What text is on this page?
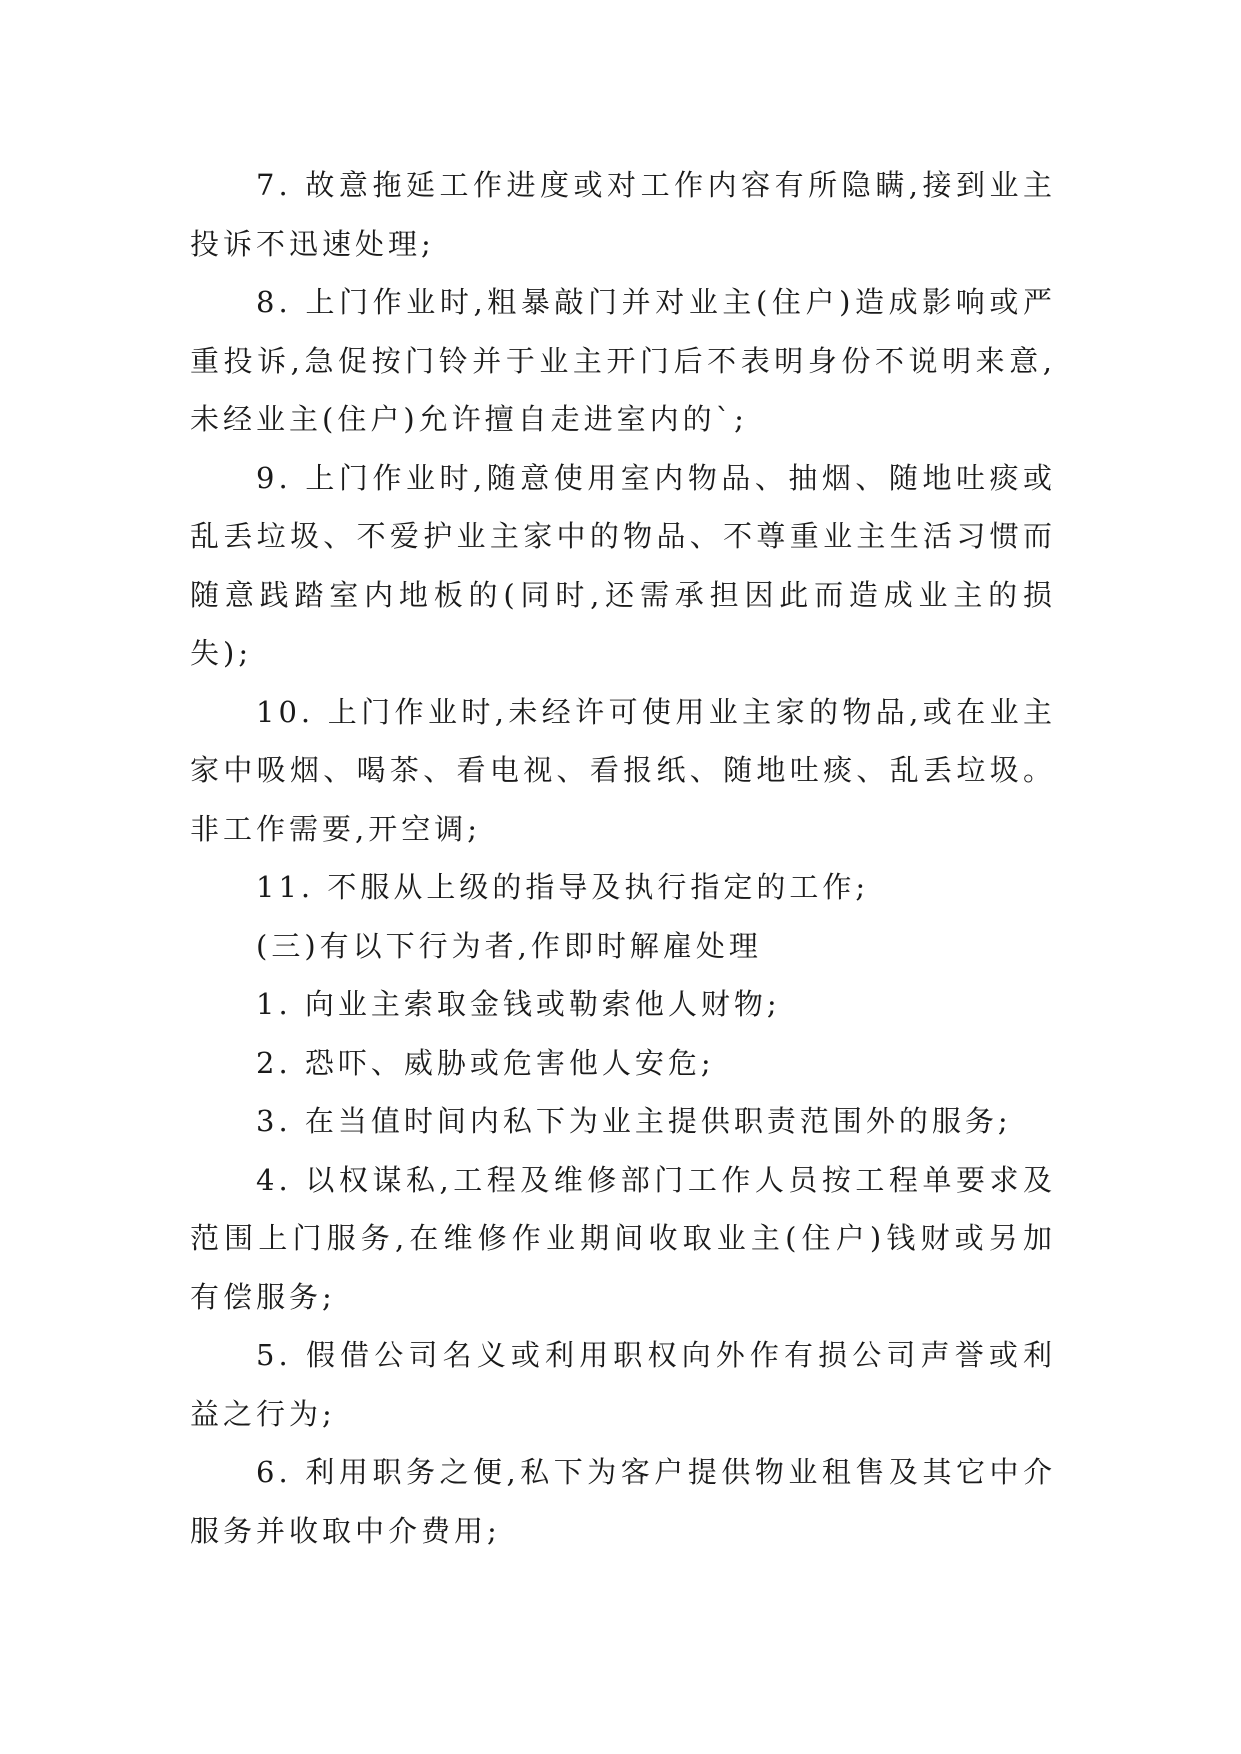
7. 故意拖延工作进度或对工作内容有所隐瞒,接到业主投诉不迅速处理;

8. 上门作业时,粗暴敲门并对业主(住户)造成影响或严重投诉,急促按门铃并于业主开门后不表明身份不说明来意,未经业主(住户)允许擅自走进室内的`;

9. 上门作业时,随意使用室内物品、抽烟、随地吐痰或乱丢垃圾、不爱护业主家中的物品、不尊重业主生活习惯而随意践踏室内地板的(同时,还需承担因此而造成业主的损失);

10. 上门作业时,未经许可使用业主家的物品,或在业主家中吸烟、喝茶、看电视、看报纸、随地吐痰、乱丢垃圾。非工作需要,开空调;

11. 不服从上级的指导及执行指定的工作;

(三)有以下行为者,作即时解雇处理

1. 向业主索取金钱或勒索他人财物;

2. 恐吓、威胁或危害他人安危;

3. 在当值时间内私下为业主提供职责范围外的服务;

4. 以权谋私,工程及维修部门工作人员按工程单要求及范围上门服务,在维修作业期间收取业主(住户)钱财或另加有偿服务;

5. 假借公司名义或利用职权向外作有损公司声誉或利益之行为;

6. 利用职务之便,私下为客户提供物业租售及其它中介服务并收取中介费用;
